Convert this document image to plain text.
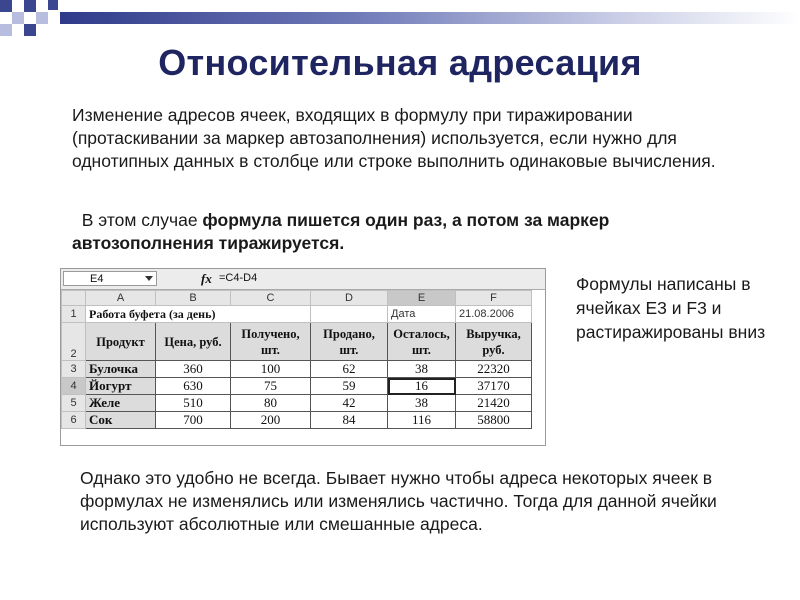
Относительная адресация
Изменение адресов ячеек, входящих в формулу при тиражировании (протаскивании за маркер автозаполнения) используется, если нужно для однотипных данных в столбце или строке выполнить одинаковые вычисления.
В этом случае формула пишется один раз, а потом за маркер автозополнения тиражируется.
E4	fx =C4-D4
	A	B	C	D	E	F
1	Работа буфета (за день)				Дата	21.08.2006
2	Продукт	Цена, руб.	Получено, шт.	Продано, шт.	Осталось, шт.	Выручка, руб.
3	Булочка	360	100	62	38	22320
4	Йогурт	630	75	59	16	37170
5	Желе	510	80	42	38	21420
6	Сок	700	200	84	116	58800
Формулы написаны в ячейках E3 и F3 и растиражированы вниз
Однако это удобно не всегда. Бывает нужно чтобы адреса некоторых ячеек в формулах не изменялись или изменялись частично. Тогда для данной ячейки используют абсолютные или смешанные адреса.
